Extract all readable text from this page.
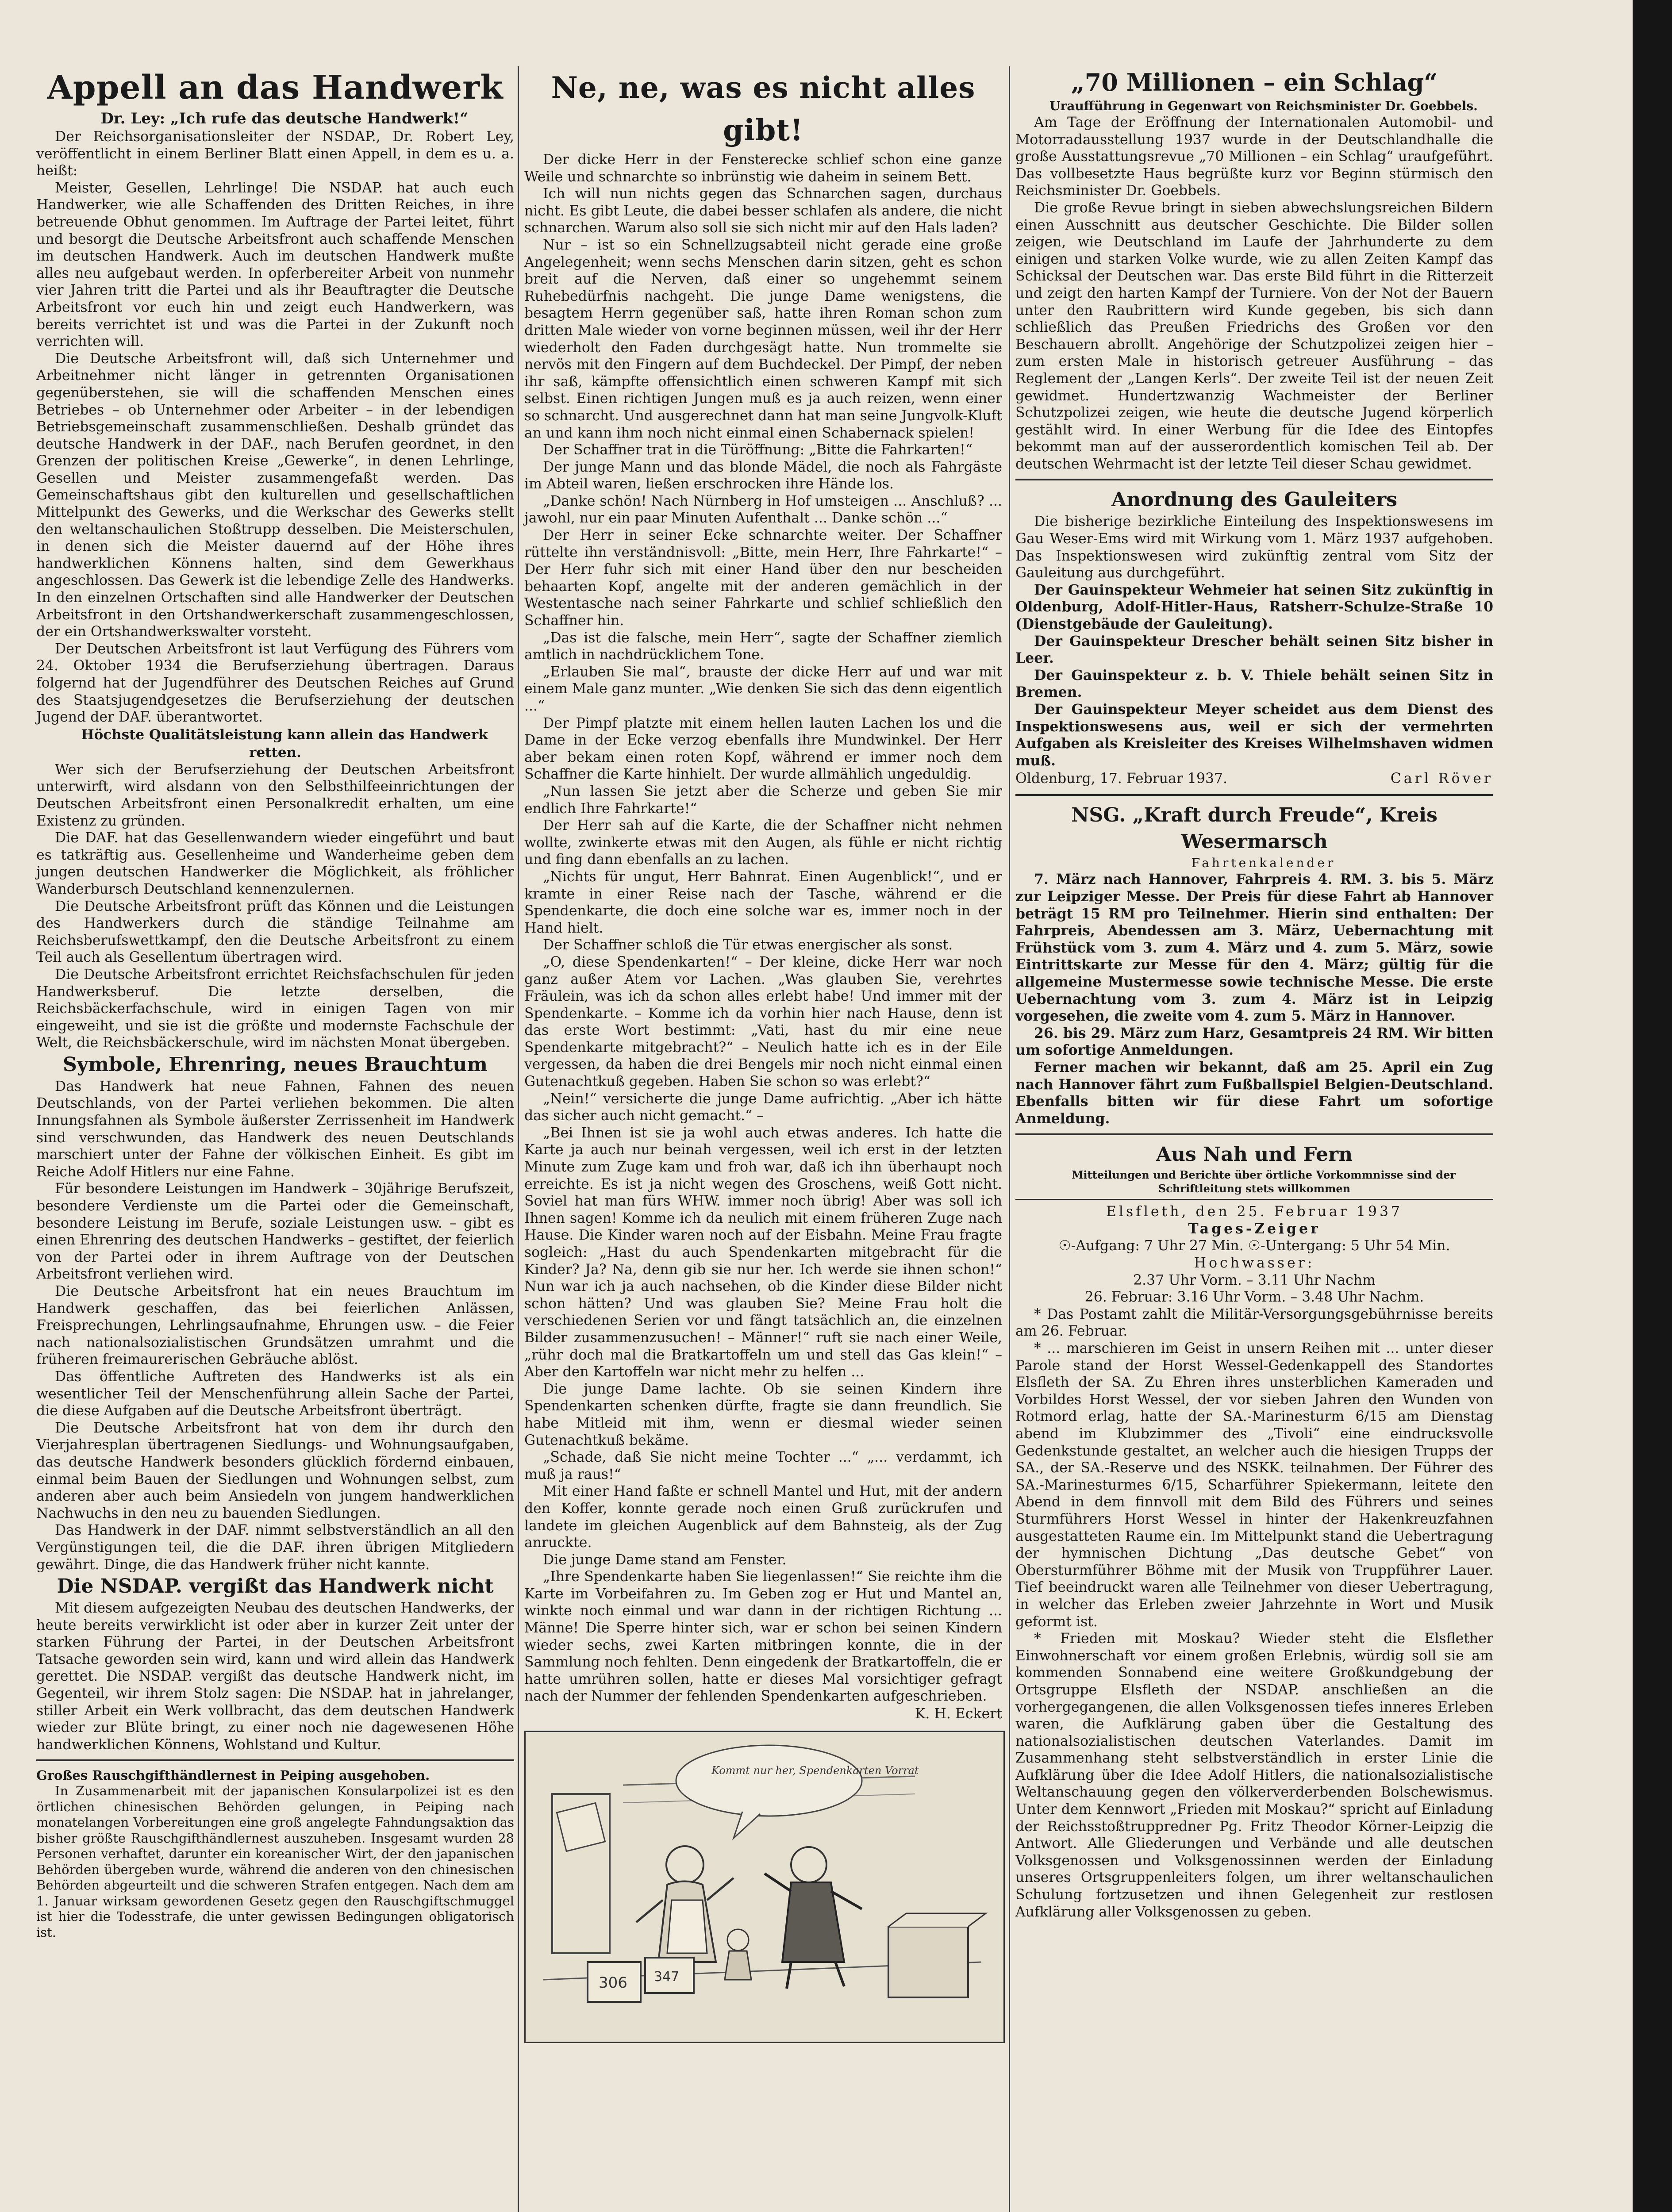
Appell an das Handwerk

Dr. Ley: „Ich rufe das deutsche Handwerk!“

Der Reichsorganisationsleiter der NSDAP., Dr. Robert Ley, veröffentlicht in einem Berliner Blatt einen Appell, in dem es u. a. heißt:

Meister, Gesellen, Lehrlinge! Die NSDAP. hat auch euch Handwerker, wie alle Schaffenden des Dritten Reiches, in ihre betreuende Obhut genommen. Im Auftrage der Partei leitet, führt und besorgt die Deutsche Arbeitsfront auch schaffende Menschen im deutschen Handwerk. Auch im deutschen Handwerk mußte alles neu aufgebaut werden. In opferbereiter Arbeit von nunmehr vier Jahren tritt die Partei und als ihr Beauftragter die Deutsche Arbeitsfront vor euch hin und zeigt euch Handwerkern, was bereits verrichtet ist und was die Partei in der Zukunft noch verrichten will.

Die Deutsche Arbeitsfront will, daß sich Unternehmer und Arbeitnehmer nicht länger in getrennten Organisationen gegenüberstehen, sie will die schaffenden Menschen eines Betriebes – ob Unternehmer oder Arbeiter – in der lebendigen Betriebsgemeinschaft zusammenschließen. Deshalb gründet das deutsche Handwerk in der DAF., nach Berufen geordnet, in den Grenzen der politischen Kreise „Gewerke“, in denen Lehrlinge, Gesellen und Meister zusammengefaßt werden. Das Gemeinschaftshaus gibt den kulturellen und gesellschaftlichen Mittelpunkt des Gewerks, und die Werkschar des Gewerks stellt den weltanschaulichen Stoßtrupp desselben. Die Meisterschulen, in denen sich die Meister dauernd auf der Höhe ihres handwerklichen Könnens halten, sind dem Gewerkhaus angeschlossen. Das Gewerk ist die lebendige Zelle des Handwerks. In den einzelnen Ortschaften sind alle Handwerker der Deutschen Arbeitsfront in den Ortshandwerkerschaft zusammengeschlossen, der ein Ortshandwerkswalter vorsteht.

Der Deutschen Arbeitsfront ist laut Verfügung des Führers vom 24. Oktober 1934 die Berufserziehung übertragen. Daraus folgernd hat der Jugendführer des Deutschen Reiches auf Grund des Staatsjugendgesetzes die Berufserziehung der deutschen Jugend der DAF. überantwortet.

Höchste Qualitätsleistung kann allein das Handwerk retten.

Wer sich der Berufserziehung der Deutschen Arbeitsfront unterwirft, wird alsdann von den Selbsthilfeeinrichtungen der Deutschen Arbeitsfront einen Personalkredit erhalten, um eine Existenz zu gründen.

Die DAF. hat das Gesellenwandern wieder eingeführt und baut es tatkräftig aus. Gesellenheime und Wanderheime geben dem jungen deutschen Handwerker die Möglichkeit, als fröhlicher Wanderbursch Deutschland kennenzulernen.

Die Deutsche Arbeitsfront prüft das Können und die Leistungen des Handwerkers durch die ständige Teilnahme am Reichsberufswettkampf, den die Deutsche Arbeitsfront zu einem Teil auch als Gesellentum übertragen wird.

Die Deutsche Arbeitsfront errichtet Reichsfachschulen für jeden Handwerksberuf. Die letzte derselben, die Reichsbäckerfachschule, wird in einigen Tagen von mir eingeweiht, und sie ist die größte und modernste Fachschule der Welt, die Reichsbäckerschule, wird im nächsten Monat übergeben.

Symbole, Ehrenring, neues Brauchtum

Das Handwerk hat neue Fahnen, Fahnen des neuen Deutschlands, von der Partei verliehen bekommen. Die alten Innungsfahnen als Symbole äußerster Zerrissenheit im Handwerk sind verschwunden, das Handwerk des neuen Deutschlands marschiert unter der Fahne der völkischen Einheit. Es gibt im Reiche Adolf Hitlers nur eine Fahne.

Für besondere Leistungen im Handwerk – 30jährige Berufszeit, besondere Verdienste um die Partei oder die Gemeinschaft, besondere Leistung im Berufe, soziale Leistungen usw. – gibt es einen Ehrenring des deutschen Handwerks – gestiftet, der feierlich von der Partei oder in ihrem Auftrage von der Deutschen Arbeitsfront verliehen wird.

Die Deutsche Arbeitsfront hat ein neues Brauchtum im Handwerk geschaffen, das bei feierlichen Anlässen, Freisprechungen, Lehrlingsaufnahme, Ehrungen usw. – die Feier nach nationalsozialistischen Grundsätzen umrahmt und die früheren freimaurerischen Gebräuche ablöst.

Das öffentliche Auftreten des Handwerks ist als ein wesentlicher Teil der Menschenführung allein Sache der Partei, die diese Aufgaben auf die Deutsche Arbeitsfront überträgt.

Die Deutsche Arbeitsfront hat von dem ihr durch den Vierjahresplan übertragenen Siedlungs- und Wohnungsaufgaben, das deutsche Handwerk besonders glücklich fördernd einbauen, einmal beim Bauen der Siedlungen und Wohnungen selbst, zum anderen aber auch beim Ansiedeln von jungem handwerklichen Nachwuchs in den neu zu bauenden Siedlungen.

Das Handwerk in der DAF. nimmt selbstverständlich an all den Vergünstigungen teil, die die DAF. ihren übrigen Mitgliedern gewährt. Dinge, die das Handwerk früher nicht kannte.

Die NSDAP. vergißt das Handwerk nicht

Mit diesem aufgezeigten Neubau des deutschen Handwerks, der heute bereits verwirklicht ist oder aber in kurzer Zeit unter der starken Führung der Partei, in der Deutschen Arbeitsfront Tatsache geworden sein wird, kann und wird allein das Handwerk gerettet. Die NSDAP. vergißt das deutsche Handwerk nicht, im Gegenteil, wir ihrem Stolz sagen: Die NSDAP. hat in jahrelanger, stiller Arbeit ein Werk vollbracht, das dem deutschen Handwerk wieder zur Blüte bringt, zu einer noch nie dagewesenen Höhe handwerklichen Könnens, Wohlstand und Kultur.

Großes Rauschgifthändlernest in Peiping ausgehoben.

In Zusammenarbeit mit der japanischen Konsularpolizei ist es den örtlichen chinesischen Behörden gelungen, in Peiping nach monatelangen Vorbereitungen eine groß angelegte Fahndungsaktion das bisher größte Rauschgifthändlernest auszuheben. Insgesamt wurden 28 Personen verhaftet, darunter ein koreanischer Wirt, der den japanischen Behörden übergeben wurde, während die anderen von den chinesischen Behörden abgeurteilt und die schweren Strafen entgegen. Nach dem am 1. Januar wirksam gewordenen Gesetz gegen den Rauschgiftschmuggel ist hier die Todesstrafe, die unter gewissen Bedingungen obligatorisch ist.

Ne, ne, was es nicht alles gibt!

Der dicke Herr in der Fensterecke schlief schon eine ganze Weile und schnarchte so inbrünstig wie daheim in seinem Bett.

Ich will nun nichts gegen das Schnarchen sagen, durchaus nicht. Es gibt Leute, die dabei besser schlafen als andere, die nicht schnarchen. Warum also soll sie sich nicht mir auf den Hals laden?

Nur – ist so ein Schnellzugsabteil nicht gerade eine große Angelegenheit; wenn sechs Menschen darin sitzen, geht es schon breit auf die Nerven, daß einer so ungehemmt seinem Ruhebedürfnis nachgeht. Die junge Dame wenigstens, die besagtem Herrn gegenüber saß, hatte ihren Roman schon zum dritten Male wieder von vorne beginnen müssen, weil ihr der Herr wiederholt den Faden durchgesägt hatte. Nun trommelte sie nervös mit den Fingern auf dem Buchdeckel. Der Pimpf, der neben ihr saß, kämpfte offensichtlich einen schweren Kampf mit sich selbst. Einen richtigen Jungen muß es ja auch reizen, wenn einer so schnarcht. Und ausgerechnet dann hat man seine Jungvolk-Kluft an und kann ihm noch nicht einmal einen Schabernack spielen!

Der Schaffner trat in die Türöffnung: „Bitte die Fahrkarten!“

Der junge Mann und das blonde Mädel, die noch als Fahrgäste im Abteil waren, ließen erschrocken ihre Hände los.

„Danke schön! Nach Nürnberg in Hof umsteigen ... Anschluß? ... jawohl, nur ein paar Minuten Aufenthalt ... Danke schön ...“

Der Herr in seiner Ecke schnarchte weiter. Der Schaffner rüttelte ihn verständnisvoll: „Bitte, mein Herr, Ihre Fahrkarte!“ – Der Herr fuhr sich mit einer Hand über den nur bescheiden behaarten Kopf, angelte mit der anderen gemächlich in der Westentasche nach seiner Fahrkarte und schlief schließlich den Schaffner hin.

„Das ist die falsche, mein Herr“, sagte der Schaffner ziemlich amtlich in nachdrücklichem Tone.

„Erlauben Sie mal“, brauste der dicke Herr auf und war mit einem Male ganz munter. „Wie denken Sie sich das denn eigentlich ...“

Der Pimpf platzte mit einem hellen lauten Lachen los und die Dame in der Ecke verzog ebenfalls ihre Mundwinkel. Der Herr aber bekam einen roten Kopf, während er immer noch dem Schaffner die Karte hinhielt. Der wurde allmählich ungeduldig.

„Nun lassen Sie jetzt aber die Scherze und geben Sie mir endlich Ihre Fahrkarte!“

Der Herr sah auf die Karte, die der Schaffner nicht nehmen wollte, zwinkerte etwas mit den Augen, als fühle er nicht richtig und fing dann ebenfalls an zu lachen.

„Nichts für ungut, Herr Bahnrat. Einen Augenblick!“, und er kramte in einer Reise nach der Tasche, während er die Spendenkarte, die doch eine solche war es, immer noch in der Hand hielt.

Der Schaffner schloß die Tür etwas energischer als sonst.

„O, diese Spendenkarten!“ – Der kleine, dicke Herr war noch ganz außer Atem vor Lachen. „Was glauben Sie, verehrtes Fräulein, was ich da schon alles erlebt habe! Und immer mit der Spendenkarte. – Komme ich da vorhin hier nach Hause, denn ist das erste Wort bestimmt: „Vati, hast du mir eine neue Spendenkarte mitgebracht?“ – Neulich hatte ich es in der Eile vergessen, da haben die drei Bengels mir noch nicht einmal einen Gutenachtkuß gegeben. Haben Sie schon so was erlebt?“

„Nein!“ versicherte die junge Dame aufrichtig. „Aber ich hätte das sicher auch nicht gemacht.“ –

„Bei Ihnen ist sie ja wohl auch etwas anderes. Ich hatte die Karte ja auch nur beinah vergessen, weil ich erst in der letzten Minute zum Zuge kam und froh war, daß ich ihn überhaupt noch erreichte. Es ist ja nicht wegen des Groschens, weiß Gott nicht. Soviel hat man fürs WHW. immer noch übrig! Aber was soll ich Ihnen sagen! Komme ich da neulich mit einem früheren Zuge nach Hause. Die Kinder waren noch auf der Eisbahn. Meine Frau fragte sogleich: „Hast du auch Spendenkarten mitgebracht für die Kinder? Ja? Na, denn gib sie nur her. Ich werde sie ihnen schon!“ Nun war ich ja auch nachsehen, ob die Kinder diese Bilder nicht schon hätten? Und was glauben Sie? Meine Frau holt die verschiedenen Serien vor und fängt tatsächlich an, die einzelnen Bilder zusammenzusuchen! – Männer!“ ruft sie nach einer Weile, „rühr doch mal die Bratkartoffeln um und stell das Gas klein!“ – Aber den Kartoffeln war nicht mehr zu helfen ...

Die junge Dame lachte. Ob sie seinen Kindern ihre Spendenkarten schenken dürfte, fragte sie dann freundlich. Sie habe Mitleid mit ihm, wenn er diesmal wieder seinen Gutenachtkuß bekäme.

„Schade, daß Sie nicht meine Tochter ...“ „... verdammt, ich muß ja raus!“

Mit einer Hand faßte er schnell Mantel und Hut, mit der andern den Koffer, konnte gerade noch einen Gruß zurückrufen und landete im gleichen Augenblick auf dem Bahnsteig, als der Zug anruckte.

Die junge Dame stand am Fenster.

„Ihre Spendenkarte haben Sie liegenlassen!“ Sie reichte ihm die Karte im Vorbeifahren zu. Im Geben zog er Hut und Mantel an, winkte noch einmal und war dann in der richtigen Richtung ... Männe! Die Sperre hinter sich, war er schon bei seinen Kindern wieder sechs, zwei Karten mitbringen konnte, die in der Sammlung noch fehlten. Denn eingedenk der Bratkartoffeln, die er hatte umrühren sollen, hatte er dieses Mal vorsichtiger gefragt nach der Nummer der fehlenden Spendenkarten aufgeschrieben.

K. H. Eckert

Kommt nur her, Spendenkarten Vorrat
306 347
„70 Millionen – ein Schlag“

Uraufführung in Gegenwart von Reichsminister Dr. Goebbels.

Am Tage der Eröffnung der Internationalen Automobil- und Motorradausstellung 1937 wurde in der Deutschlandhalle die große Ausstattungsrevue „70 Millionen – ein Schlag“ uraufgeführt. Das vollbesetzte Haus begrüßte kurz vor Beginn stürmisch den Reichsminister Dr. Goebbels.

Die große Revue bringt in sieben abwechslungsreichen Bildern einen Ausschnitt aus deutscher Geschichte. Die Bilder sollen zeigen, wie Deutschland im Laufe der Jahrhunderte zu dem einigen und starken Volke wurde, wie zu allen Zeiten Kampf das Schicksal der Deutschen war. Das erste Bild führt in die Ritterzeit und zeigt den harten Kampf der Turniere. Von der Not der Bauern unter den Raubrittern wird Kunde gegeben, bis sich dann schließlich das Preußen Friedrichs des Großen vor den Beschauern abrollt. Angehörige der Schutzpolizei zeigen hier – zum ersten Male in historisch getreuer Ausführung – das Reglement der „Langen Kerls“. Der zweite Teil ist der neuen Zeit gewidmet. Hundertzwanzig Wachmeister der Berliner Schutzpolizei zeigen, wie heute die deutsche Jugend körperlich gestählt wird. In einer Werbung für die Idee des Eintopfes bekommt man auf der ausserordentlich komischen Teil ab. Der deutschen Wehrmacht ist der letzte Teil dieser Schau gewidmet.

Anordnung des Gauleiters

Die bisherige bezirkliche Einteilung des Inspektionswesens im Gau Weser-Ems wird mit Wirkung vom 1. März 1937 aufgehoben. Das Inspektionswesen wird zukünftig zentral vom Sitz der Gauleitung aus durchgeführt.

Der Gauinspekteur Wehmeier hat seinen Sitz zukünftig in Oldenburg, Adolf-Hitler-Haus, Ratsherr-Schulze-Straße 10 (Dienstgebäude der Gauleitung).

Der Gauinspekteur Drescher behält seinen Sitz bisher in Leer.

Der Gauinspekteur z. b. V. Thiele behält seinen Sitz in Bremen.

Der Gauinspekteur Meyer scheidet aus dem Dienst des Inspektionswesens aus, weil er sich der vermehrten Aufgaben als Kreisleiter des Kreises Wilhelmshaven widmen muß.

Oldenburg, 17. Februar 1937.	Carl Röver
NSG. „Kraft durch Freude“, Kreis Wesermarsch

Fahrtenkalender

7. März nach Hannover, Fahrpreis 4. RM. 3. bis 5. März zur Leipziger Messe. Der Preis für diese Fahrt ab Hannover beträgt 15 RM pro Teilnehmer. Hierin sind enthalten: Der Fahrpreis, Abendessen am 3. März, Uebernachtung mit Frühstück vom 3. zum 4. März und 4. zum 5. März, sowie Eintrittskarte zur Messe für den 4. März; gültig für die allgemeine Mustermesse sowie technische Messe. Die erste Uebernachtung vom 3. zum 4. März ist in Leipzig vorgesehen, die zweite vom 4. zum 5. März in Hannover.

26. bis 29. März zum Harz, Gesamtpreis 24 RM. Wir bitten um sofortige Anmeldungen.

Ferner machen wir bekannt, daß am 25. April ein Zug nach Hannover fährt zum Fußballspiel Belgien-Deutschland. Ebenfalls bitten wir für diese Fahrt um sofortige Anmeldung.

Aus Nah und Fern

Mitteilungen und Berichte über örtliche Vorkommnisse sind der Schriftleitung stets willkommen

Elsfleth, den 25. Februar 1937

Tages-Zeiger

☉-Aufgang: 7 Uhr 27 Min. ☉-Untergang: 5 Uhr 54 Min.

Hochwasser:

2.37 Uhr Vorm. – 3.11 Uhr Nachm

26. Februar: 3.16 Uhr Vorm. – 3.48 Uhr Nachm.

* Das Postamt zahlt die Militär-Versorgungsgebührnisse bereits am 26. Februar.

* ... marschieren im Geist in unsern Reihen mit ... unter dieser Parole stand der Horst Wessel-Gedenkappell des Standortes Elsfleth der SA. Zu Ehren ihres unsterblichen Kameraden und Vorbildes Horst Wessel, der vor sieben Jahren den Wunden von Rotmord erlag, hatte der SA.-Marinesturm 6/15 am Dienstag abend im Klubzimmer des „Tivoli“ eine eindrucksvolle Gedenkstunde gestaltet, an welcher auch die hiesigen Trupps der SA., der SA.-Reserve und des NSKK. teilnahmen. Der Führer des SA.-Marinesturmes 6/15, Scharführer Spiekermann, leitete den Abend in dem finnvoll mit dem Bild des Führers und seines Sturmführers Horst Wessel in hinter der Hakenkreuzfahnen ausgestatteten Raume ein. Im Mittelpunkt stand die Uebertragung der hymnischen Dichtung „Das deutsche Gebet“ von Obersturmführer Böhme mit der Musik von Truppführer Lauer. Tief beeindruckt waren alle Teilnehmer von dieser Uebertragung, in welcher das Erleben zweier Jahrzehnte in Wort und Musik geformt ist.

* Frieden mit Moskau? Wieder steht die Elsflether Einwohnerschaft vor einem großen Erlebnis, würdig soll sie am kommenden Sonnabend eine weitere Großkundgebung der Ortsgruppe Elsfleth der NSDAP. anschließen an die vorhergegangenen, die allen Volksgenossen tiefes inneres Erleben waren, die Aufklärung gaben über die Gestaltung des nationalsozialistischen deutschen Vaterlandes. Damit im Zusammenhang steht selbstverständlich in erster Linie die Aufklärung über die Idee Adolf Hitlers, die nationalsozialistische Weltanschauung gegen den völkerverderbenden Bolschewismus. Unter dem Kennwort „Frieden mit Moskau?“ spricht auf Einladung der Reichsstoßtruppredner Pg. Fritz Theodor Körner-Leipzig die Antwort. Alle Gliederungen und Verbände und alle deutschen Volksgenossen und Volksgenossinnen werden der Einladung unseres Ortsgruppenleiters folgen, um ihrer weltanschaulichen Schulung fortzusetzen und ihnen Gelegenheit zur restlosen Aufklärung aller Volksgenossen zu geben.
